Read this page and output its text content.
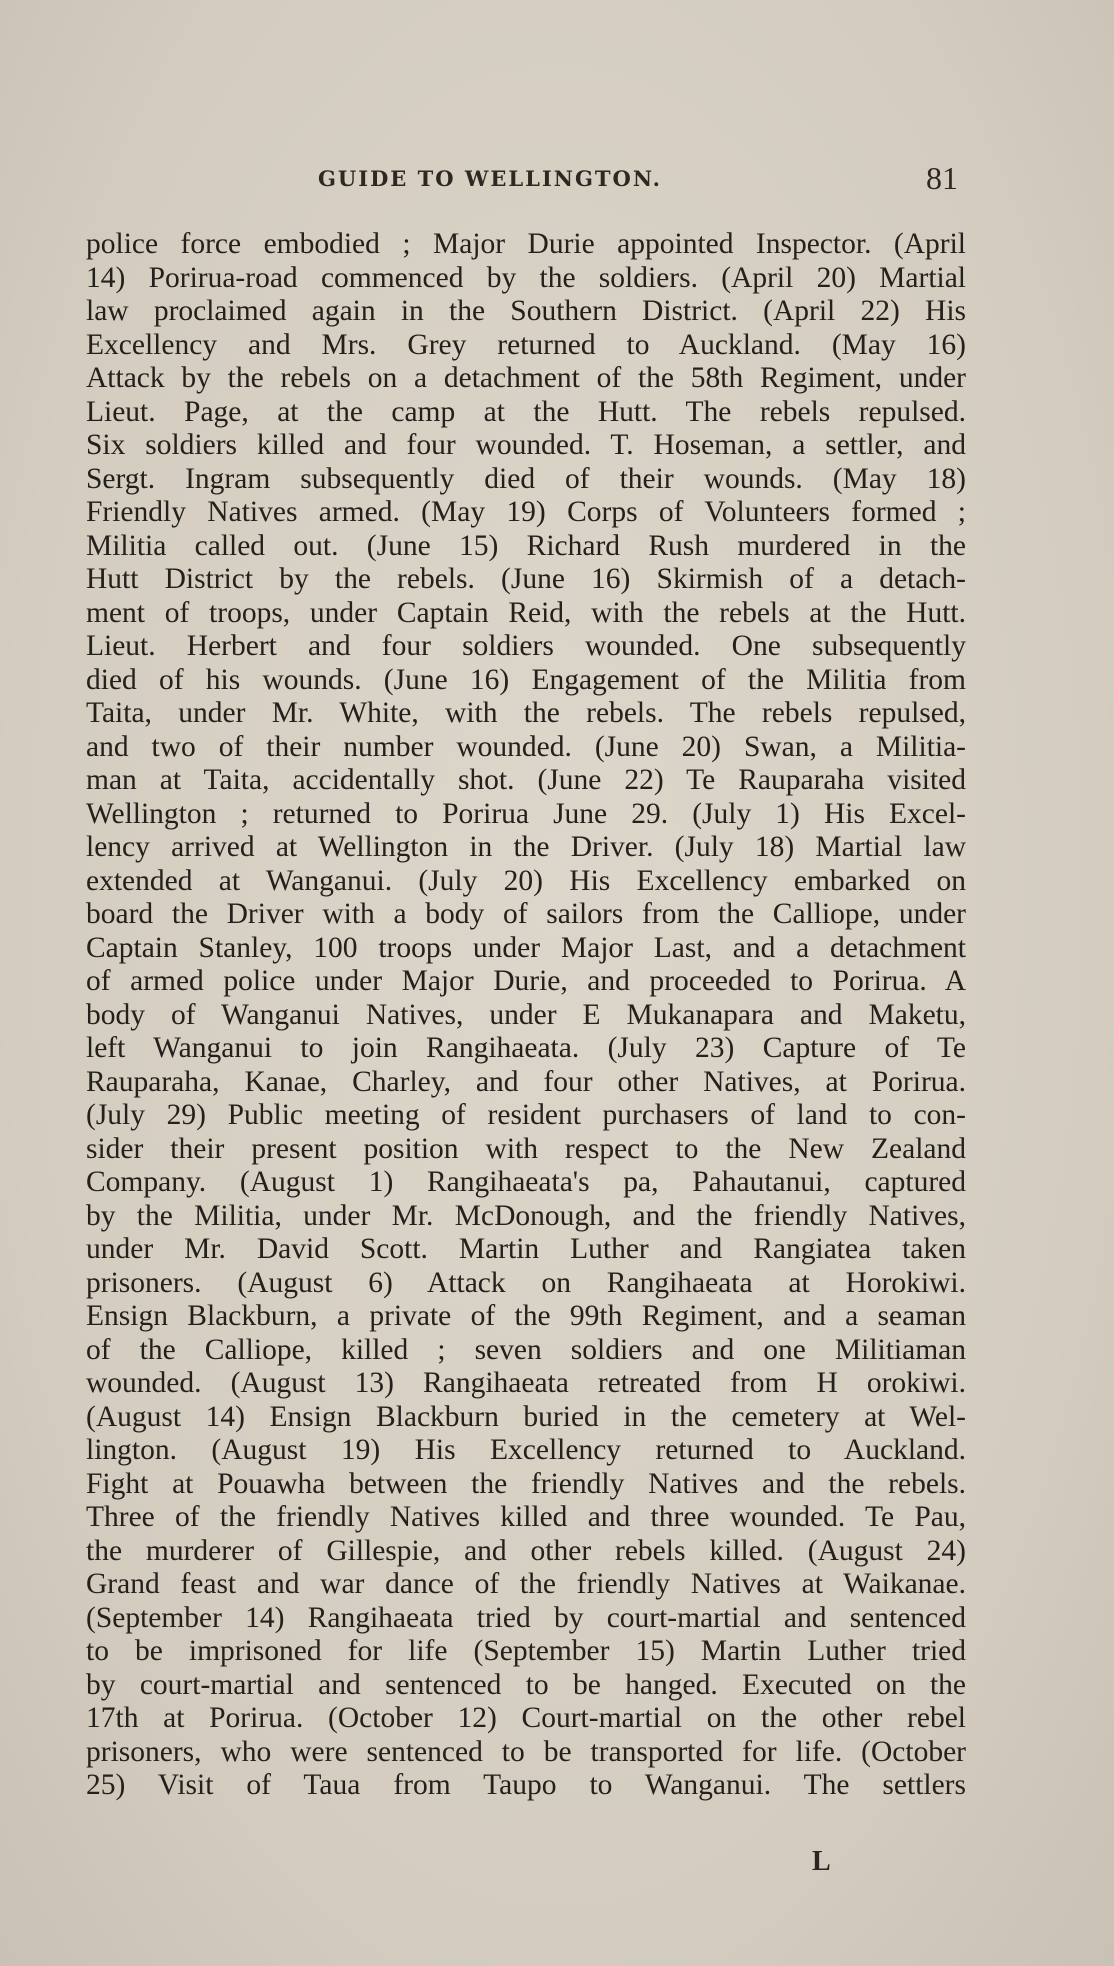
GUIDE TO WELLINGTON.	81
police force embodied ; Major Durie appointed Inspector. (April
14) Porirua-road commenced by the soldiers. (April 20) Martial
law proclaimed again in the Southern District. (April 22) His
Excellency and Mrs. Grey returned to Auckland. (May 16)
Attack by the rebels on a detachment of the 58th Regiment, under
Lieut. Page, at the camp at the Hutt. The rebels repulsed.
Six soldiers killed and four wounded. T. Hoseman, a settler, and
Sergt. Ingram subsequently died of their wounds. (May 18)
Friendly Natives armed. (May 19) Corps of Volunteers formed ;
Militia called out. (June 15) Richard Rush murdered in the
Hutt District by the rebels. (June 16) Skirmish of a detach-
ment of troops, under Captain Reid, with the rebels at the Hutt.
Lieut. Herbert and four soldiers wounded. One subsequently
died of his wounds. (June 16) Engagement of the Militia from
Taita, under Mr. White, with the rebels. The rebels repulsed,
and two of their number wounded. (June 20) Swan, a Militia-
man at Taita, accidentally shot. (June 22) Te Rauparaha visited
Wellington ; returned to Porirua June 29. (July 1) His Excel-
lency arrived at Wellington in the Driver. (July 18) Martial law
extended at Wanganui. (July 20) His Excellency embarked on
board the Driver with a body of sailors from the Calliope, under
Captain Stanley, 100 troops under Major Last, and a detachment
of armed police under Major Durie, and proceeded to Porirua. A
body of Wanganui Natives, under E Mukanapara and Maketu,
left Wanganui to join Rangihaeata. (July 23) Capture of Te
Rauparaha, Kanae, Charley, and four other Natives, at Porirua.
(July 29) Public meeting of resident purchasers of land to con-
sider their present position with respect to the New Zealand
Company. (August 1) Rangihaeata's pa, Pahautanui, captured
by the Militia, under Mr. McDonough, and the friendly Natives,
under Mr. David Scott. Martin Luther and Rangiatea taken
prisoners. (August 6) Attack on Rangihaeata at Horokiwi.
Ensign Blackburn, a private of the 99th Regiment, and a seaman
of the Calliope, killed ; seven soldiers and one Militiaman
wounded. (August 13) Rangihaeata retreated from H orokiwi.
(August 14) Ensign Blackburn buried in the cemetery at Wel-
lington. (August 19) His Excellency returned to Auckland.
Fight at Pouawha between the friendly Natives and the rebels.
Three of the friendly Natives killed and three wounded. Te Pau,
the murderer of Gillespie, and other rebels killed. (August 24)
Grand feast and war dance of the friendly Natives at Waikanae.
(September 14) Rangihaeata tried by court-martial and sentenced
to be imprisoned for life (September 15) Martin Luther tried
by court-martial and sentenced to be hanged. Executed on the
17th at Porirua. (October 12) Court-martial on the other rebel
prisoners, who were sentenced to be transported for life. (October
25) Visit of Taua from Taupo to Wanganui. The settlers
L
